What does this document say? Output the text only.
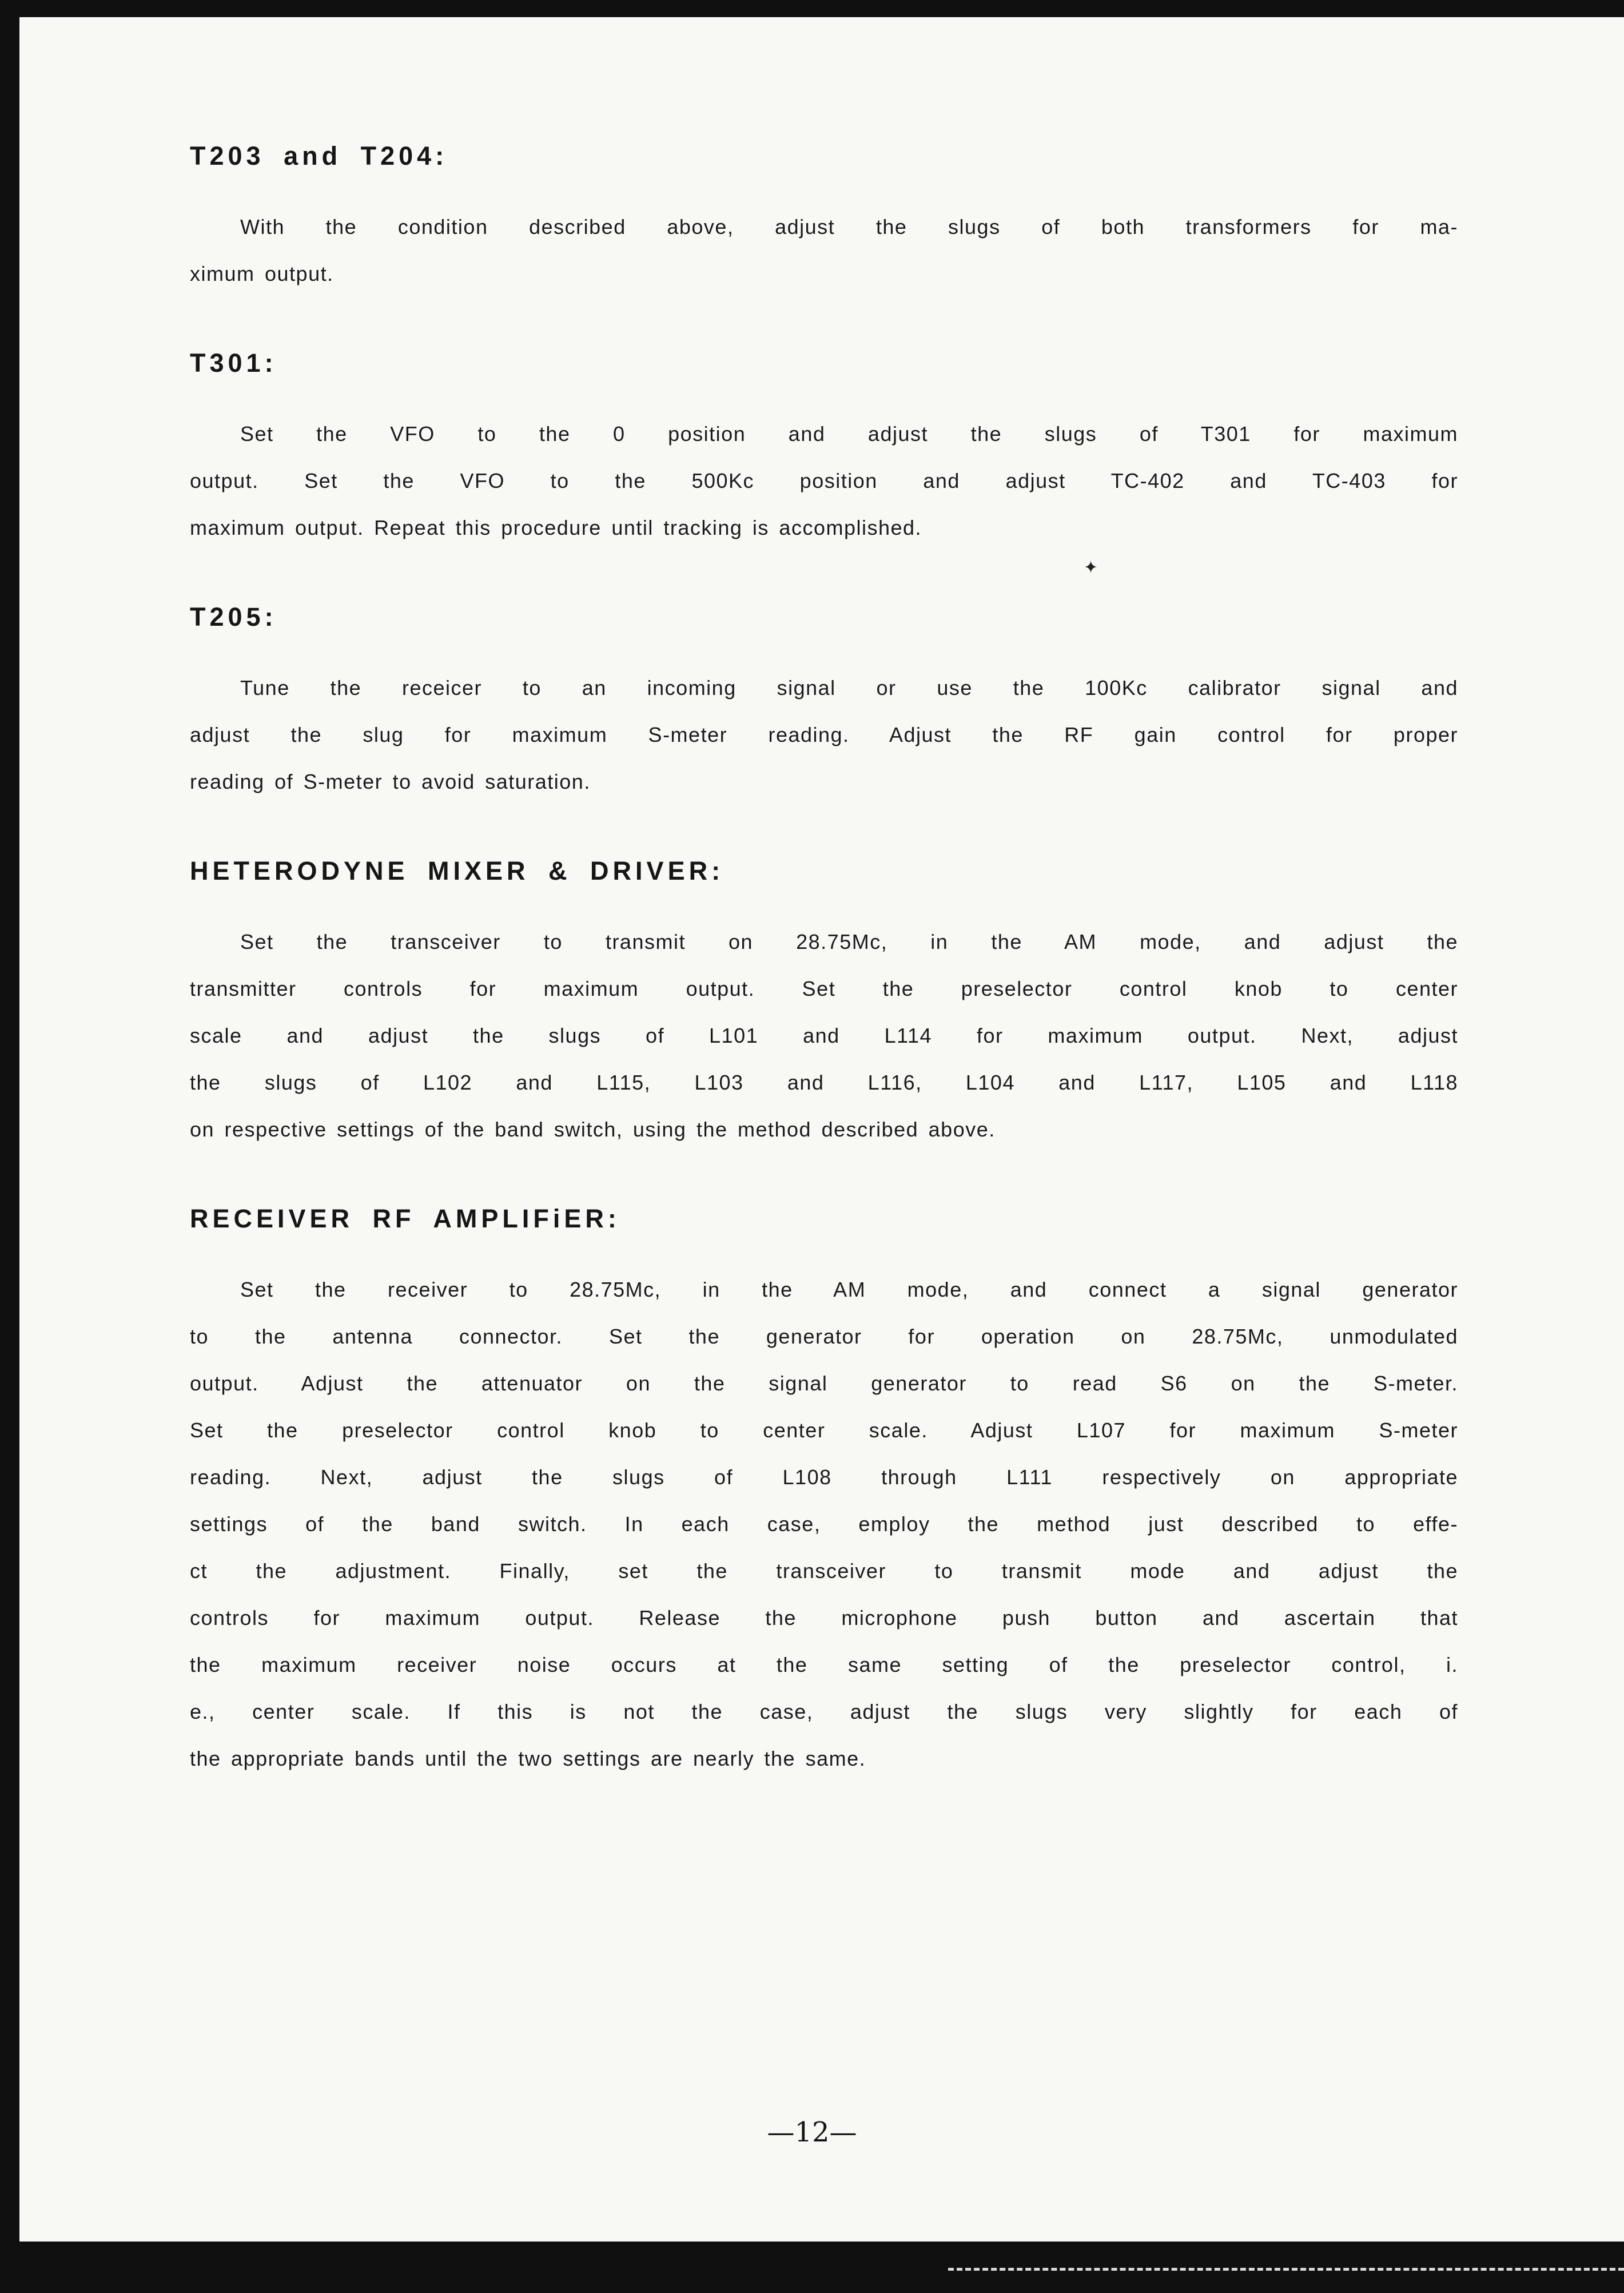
✦
T203 and T204:
With the condition described above, adjust the slugs of both transformers for ma-
ximum output.
T301:
Set the VFO to the 0 position and adjust the slugs of T301 for maximum
output. Set the VFO to the 500Kc position and adjust TC-402 and TC-403 for
maximum output. Repeat this procedure until tracking is accomplished.
T205:
Tune the receicer to an incoming signal or use the 100Kc calibrator signal and
adjust the slug for maximum S-meter reading. Adjust the RF gain control for proper
reading of S-meter to avoid saturation.
HETERODYNE MIXER & DRIVER:
Set the transceiver to transmit on 28.75Mc, in the AM mode, and adjust the
transmitter controls for maximum output. Set the preselector control knob to center
scale and adjust the slugs of L101 and L114 for maximum output. Next, adjust
the slugs of L102 and L115, L103 and L116, L104 and L117, L105 and L118
on respective settings of the band switch, using the method described above.
RECEIVER RF AMPLIFiER:
Set the receiver to 28.75Mc, in the AM mode, and connect a signal generator
to the antenna connector. Set the generator for operation on 28.75Mc, unmodulated
output. Adjust the attenuator on the signal generator to read S6 on the S-meter.
Set the preselector control knob to center scale. Adjust L107 for maximum S-meter
reading. Next, adjust the slugs of L108 through L111 respectively on appropriate
settings of the band switch. In each case, employ the method just described to effe-
ct the adjustment. Finally, set the transceiver to transmit mode and adjust the
controls for maximum output. Release the microphone push button and ascertain that
the maximum receiver noise occurs at the same setting of the preselector control, i.
e., center scale. If this is not the case, adjust the slugs very slightly for each of
the appropriate bands until the two settings are nearly the same.
—12—
